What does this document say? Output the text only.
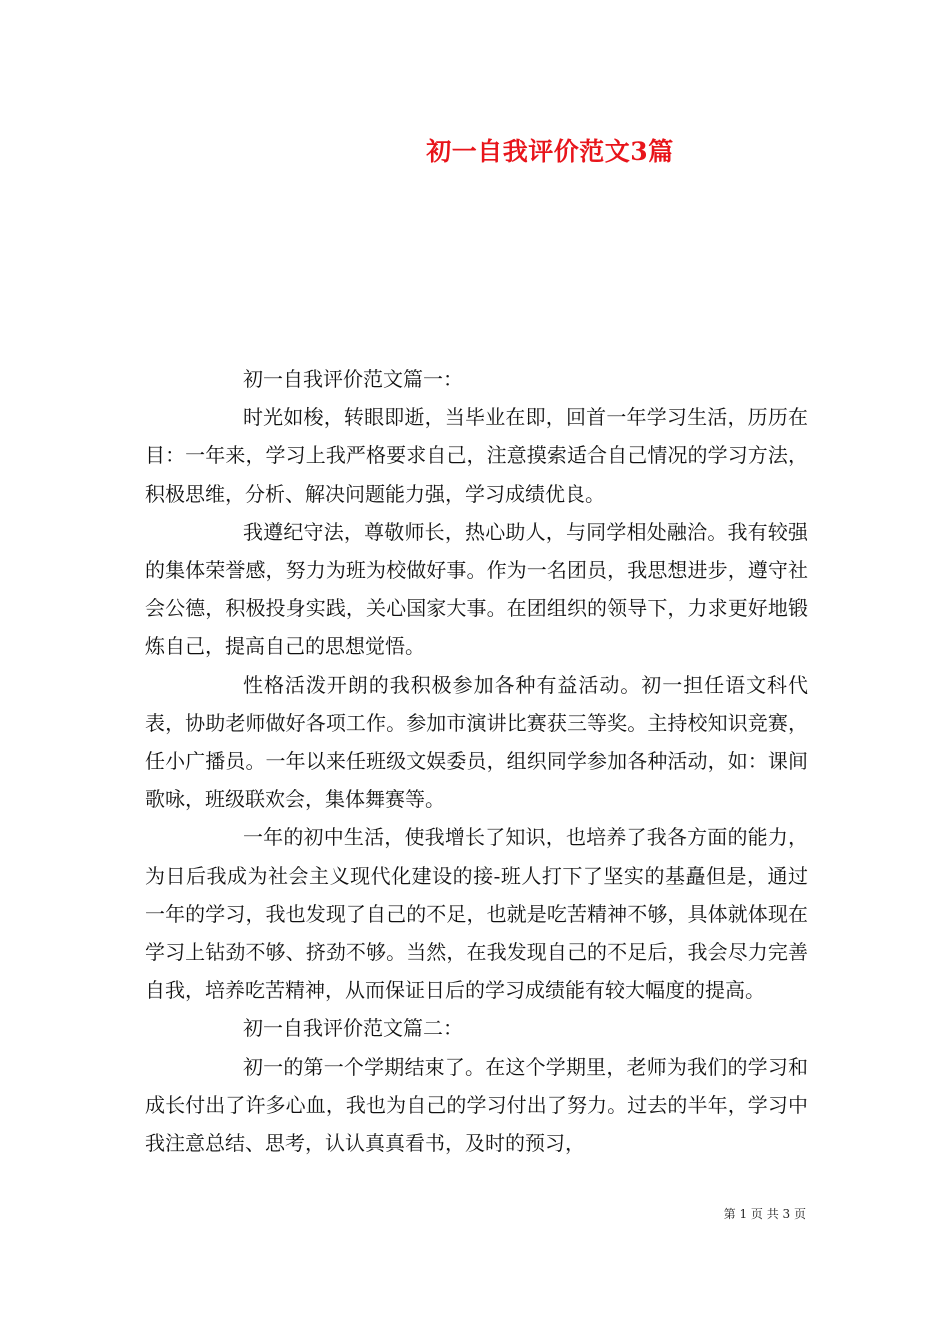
初一自我评价范文3篇

初一自我评价范文篇一：

时光如梭，转眼即逝，当毕业在即，回首一年学习生活，历历在目：一年来，学习上我严格要求自己，注意摸索适合自己情况的学习方法，积极思维，分析、解决问题能力强，学习成绩优良。

我遵纪守法，尊敬师长，热心助人，与同学相处融洽。我有较强的集体荣誉感，努力为班为校做好事。作为一名团员，我思想进步，遵守社会公德，积极投身实践，关心国家大事。在团组织的领导下，力求更好地锻炼自己，提高自己的思想觉悟。

性格活泼开朗的我积极参加各种有益活动。初一担任语文科代表，协助老师做好各项工作。参加市演讲比赛获三等奖。主持校知识竞赛，任小广播员。一年以来任班级文娱委员，组织同学参加各种活动，如：课间歌咏，班级联欢会，集体舞赛等。

一年的初中生活，使我增长了知识，也培养了我各方面的能力，为日后我成为社会主义现代化建设的接-班人打下了坚实的基矗但是，通过一年的学习，我也发现了自己的不足，也就是吃苦精神不够，具体就体现在学习上钻劲不够、挤劲不够。当然，在我发现自己的不足后，我会尽力完善自我，培养吃苦精神，从而保证日后的学习成绩能有较大幅度的提高。

初一自我评价范文篇二：

初一的第一个学期结束了。在这个学期里，老师为我们的学习和成长付出了许多心血，我也为自己的学习付出了努力。过去的半年，学习中我注意总结、思考，认认真真看书，及时的预习，

第 1 页 共 3 页
